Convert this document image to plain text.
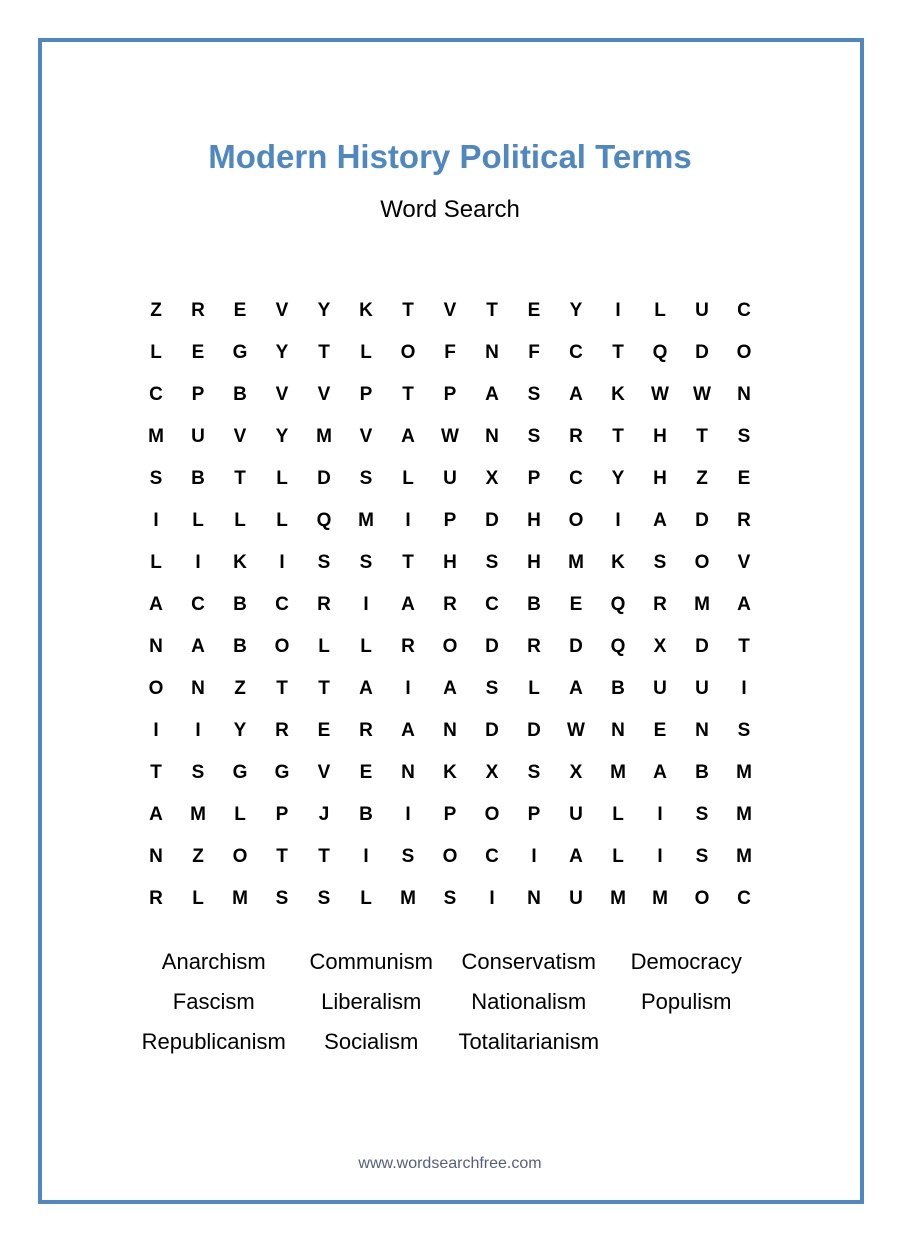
Modern History Political Terms
Word Search
Z	R	E	V	Y	K	T	V	T	E	Y	I	L	U	C
L	E	G	Y	T	L	O	F	N	F	C	T	Q	D	O
C	P	B	V	V	P	T	P	A	S	A	K	W	W	N
M	U	V	Y	M	V	A	W	N	S	R	T	H	T	S
S	B	T	L	D	S	L	U	X	P	C	Y	H	Z	E
I	L	L	L	Q	M	I	P	D	H	O	I	A	D	R
L	I	K	I	S	S	T	H	S	H	M	K	S	O	V
A	C	B	C	R	I	A	R	C	B	E	Q	R	M	A
N	A	B	O	L	L	R	O	D	R	D	Q	X	D	T
O	N	Z	T	T	A	I	A	S	L	A	B	U	U	I
I	I	Y	R	E	R	A	N	D	D	W	N	E	N	S
T	S	G	G	V	E	N	K	X	S	X	M	A	B	M
A	M	L	P	J	B	I	P	O	P	U	L	I	S	M
N	Z	O	T	T	I	S	O	C	I	A	L	I	S	M
R	L	M	S	S	L	M	S	I	N	U	M	M	O	C
Anarchism	Communism	Conservatism	Democracy
Fascism	Liberalism	Nationalism	Populism
Republicanism	Socialism	Totalitarianism
www.wordsearchfree.com
